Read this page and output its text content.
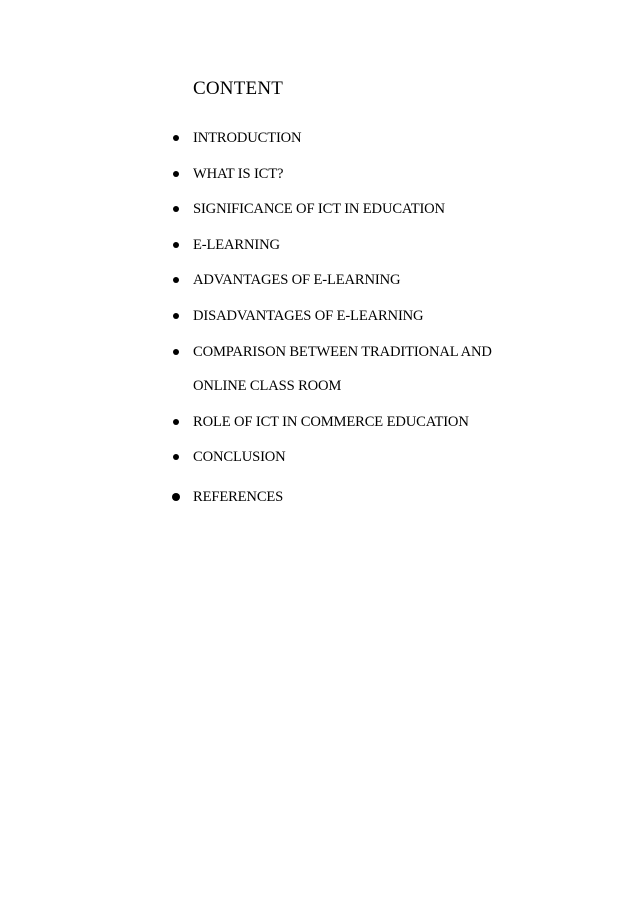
CONTENT
INTRODUCTION
WHAT IS ICT?
SIGNIFICANCE OF ICT IN EDUCATION
E-LEARNING
ADVANTAGES OF E-LEARNING
DISADVANTAGES OF E-LEARNING
COMPARISON BETWEEN TRADITIONAL AND
ONLINE CLASS ROOM
ROLE OF ICT IN COMMERCE EDUCATION
CONCLUSION
REFERENCES
